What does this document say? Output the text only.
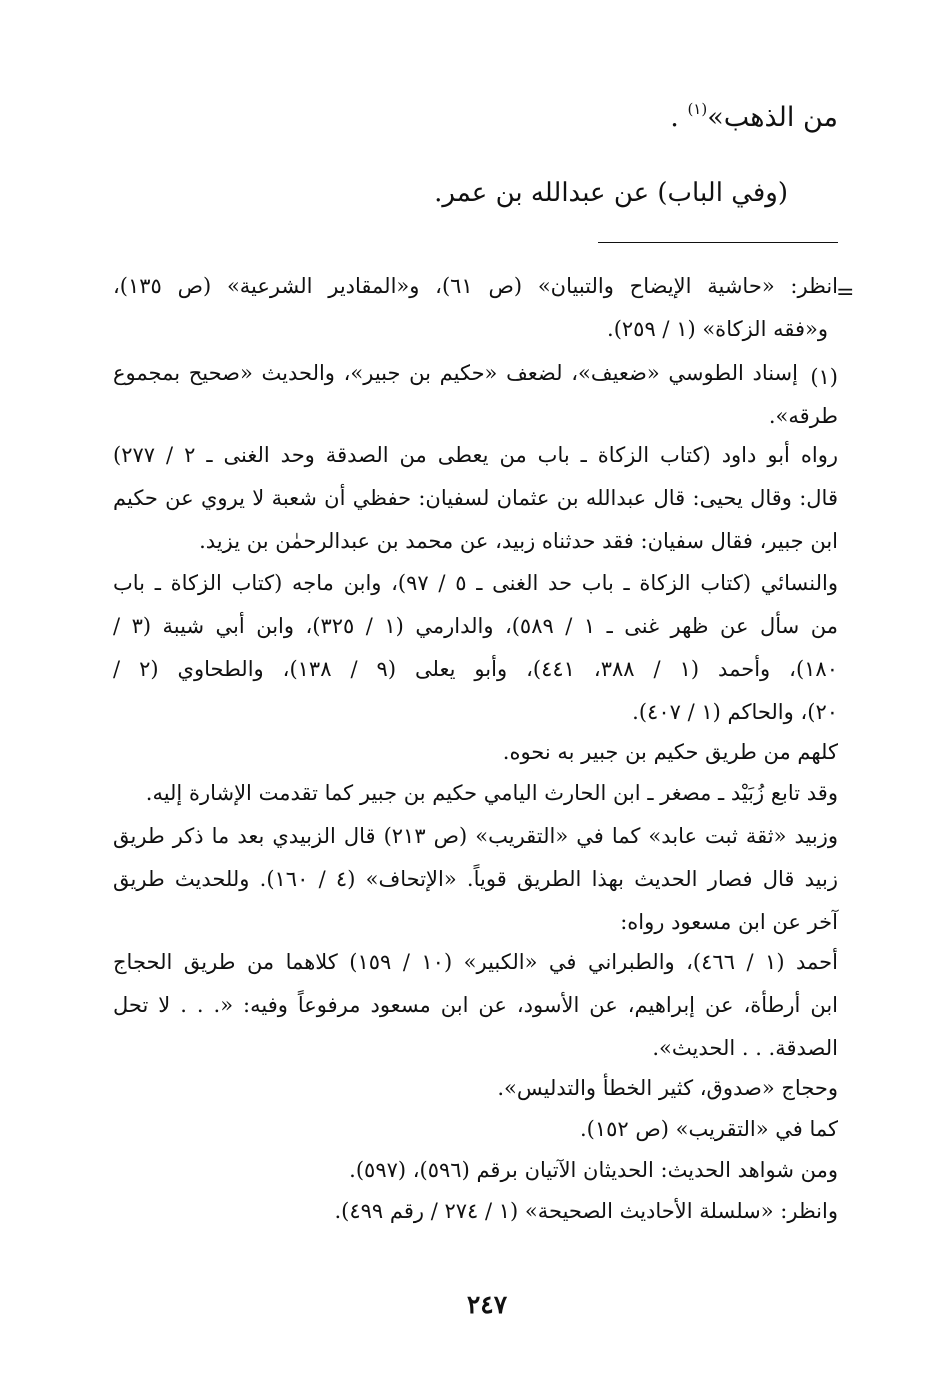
من الذهب»$^{(١)}$ .
(وفي الباب) عن عبدالله بن عمر.
=
(١)
انظر: «حاشية الإيضاح والتبيان» (ص ٦١)، و«المقادير الشرعية» (ص ١٣٥)،
و«فقه الزكاة» (١ / ٢٥٩).
إسناد الطوسي «ضعيف»، لضعف «حكيم بن جبير»، والحديث «صحيح بمجموع
طرقه».
رواه أبو داود (كتاب الزكاة ـ باب من يعطى من الصدقة وحد الغنى ـ ٢ / ٢٧٧)
قال: وقال يحيى: قال عبدالله بن عثمان لسفيان: حفظي أن شعبة لا يروي عن حكيم
ابن جبير، فقال سفيان: فقد حدثناه زبيد، عن محمد بن عبدالرحمٰن بن يزيد.
والنسائي (كتاب الزكاة ـ باب حد الغنى ـ ٥ / ٩٧)، وابن ماجه (كتاب الزكاة ـ باب
من سأل عن ظهر غنى ـ ١ / ٥٨٩)، والدارمي (١ / ٣٢٥)، وابن أبي شيبة (٣ /
١٨٠)، وأحمد (١ / ٣٨٨، ٤٤١)، وأبو يعلى (٩ / ١٣٨)، والطحاوي (٢ /
٢٠)، والحاكم (١ / ٤٠٧).
كلهم من طريق حكيم بن جبير به نحوه.
وقد تابع زُبَيْد ـ مصغر ـ ابن الحارث اليامي حكيم بن جبير كما تقدمت الإشارة إليه.
وزبيد «ثقة ثبت عابد» كما في «التقريب» (ص ٢١٣) قال الزبيدي بعد ما ذكر طريق
زبيد قال فصار الحديث بهذا الطريق قوياً. «الإتحاف» (٤ / ١٦٠). وللحديث طريق
آخر عن ابن مسعود رواه:
أحمد (١ / ٤٦٦)، والطبراني في «الكبير» (١٠ / ١٥٩) كلاهما من طريق الحجاج
ابن أرطأة، عن إبراهيم، عن الأسود، عن ابن مسعود مرفوعاً وفيه: «. . . لا تحل
الصدقة. . . الحديث».
وحجاج «صدوق، كثير الخطأ والتدليس».
كما في «التقريب» (ص ١٥٢).
ومن شواهد الحديث: الحديثان الآتيان برقم (٥٩٦)، (٥٩٧).
وانظر: «سلسلة الأحاديث الصحيحة» (١ / ٢٧٤ / رقم ٤٩٩).
٢٤٧
